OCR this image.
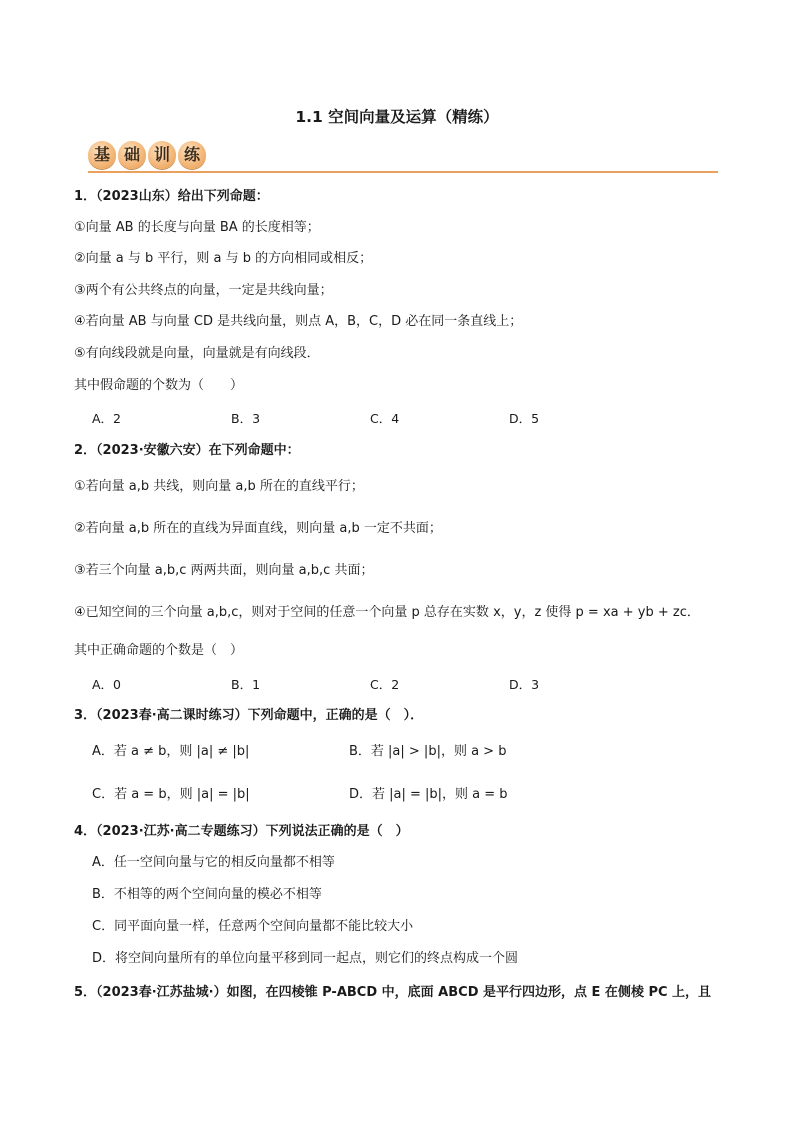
1.1 空间向量及运算（精练）
基 础 训 练
1．（2023山东）给出下列命题：
①向量 AB 的长度与向量 BA 的长度相等；
②向量 a 与 b 平行，则 a 与 b 的方向相同或相反；
③两个有公共终点的向量，一定是共线向量；
④若向量 AB 与向量 CD 是共线向量，则点 A，B，C，D 必在同一条直线上；
⑤有向线段就是向量，向量就是有向线段．
其中假命题的个数为（　　）
A．2	B．3	C．4	D．5
2．（2023·安徽六安）在下列命题中：
①若向量 a,b 共线，则向量 a,b 所在的直线平行；
②若向量 a,b 所在的直线为异面直线，则向量 a,b 一定不共面；
③若三个向量 a,b,c 两两共面，则向量 a,b,c 共面；
④已知空间的三个向量 a,b,c，则对于空间的任意一个向量 p 总存在实数 x，y，z 使得 p = xa + yb + zc．
其中正确命题的个数是（　）
A．0	B．1	C．2	D．3
3．（2023春·高二课时练习）下列命题中，正确的是（　）．
A．若 a ≠ b，则 |a| ≠ |b|	B．若 |a| > |b|，则 a > b
C．若 a = b，则 |a| = |b|	D．若 |a| = |b|，则 a = b
4．（2023·江苏·高二专题练习）下列说法正确的是（　）
A．任一空间向量与它的相反向量都不相等
B．不相等的两个空间向量的模必不相等
C．同平面向量一样，任意两个空间向量都不能比较大小
D．将空间向量所有的单位向量平移到同一起点，则它们的终点构成一个圆
5．（2023春·江苏盐城·）如图，在四棱锥 P-ABCD 中，底面 ABCD 是平行四边形，点 E 在侧棱 PC 上，且
